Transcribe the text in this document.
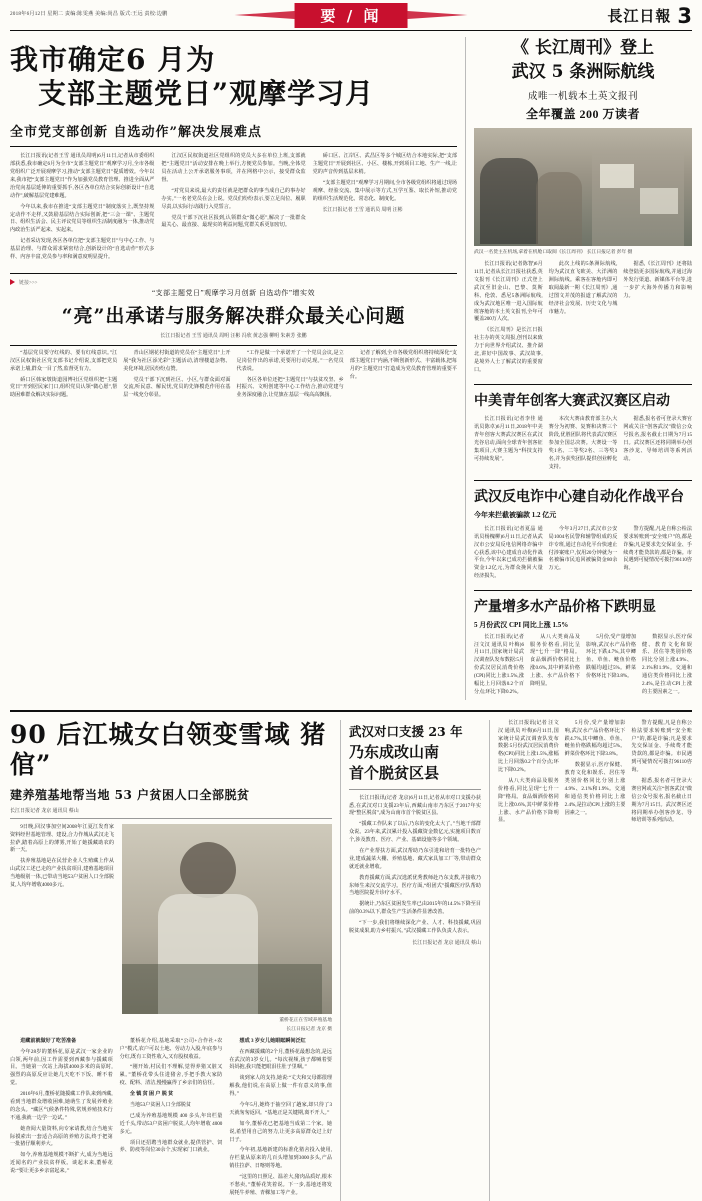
2018年6月12日 星期二 责编:陈雯燕 美编:尚昌 版式:王远 责校:边鹏	要 / 闻	長江日報 3
我市确定6 月为
支部主题党日”观摩学习月
全市党支部创新 自选动作”解决发展难点

长江日报讯(记者王雪 通讯员周明)6月11日,记者从市委组织部获悉,我市确定6月为全市“支部主题党日”观摩学习月,全市各级党组织广泛开展观摩学习,推动“支部主题党日”提质增效。今年以来,我市把“支部主题党日”作为加强党员教育管理、推进全面从严治党向基层延伸的重要抓手,各区各单位结合实际创新设计“自选动作”,破解基层党建难题。

今年以来,我市在推进“支部主题党日”制度落实上,既坚持规定动作不走样,又鼓励基层结合实际创新,把“三会一课”、主题党日、组织生活会、民主评议党员等组织生活制度融为一体,推动党内政治生活严起来、实起来。

记者采访发现,各区各单位把“支部主题党日”与中心工作、与基层治理、与群众需求紧密结合,创新设计的“自选动作”形式多样、内容丰富,党员参与率和满意度明显提升。

江汉区民权街道社区党组织的党员大多在单位上班,支部就把“主题党日”活动安排在晚上举行,方便党员参加。当晚,全体党员在活动上公开承诺服务事项，并在网格中公示，接受群众监督。

“对党员来说,最大的责任就是把群众的事当成自己的事办好办实。”一名老党员在会上说。党员们纷纷表示,要立足岗位、履职尽责,以实际行动践行入党誓言。

党员干部下沉社区报到,认领群众“微心愿”,解决了一批群众最关心、最直接、最现实的利益问题,党群关系更加密切。

硚口区、江岸区、武昌区等多个城区结合本地实际,把“支部主题党日”开展到社区、小区、楼栋,开到项目工地、生产一线,让党的声音传到基层末梢。

“支部主题党日”观摩学习月期间,全市各级党组织将通过现场观摩、经验交流、集中展示等方式,互学互鉴、取长补短,推动党的组织生活规范化、常态化、制度化。

长江日报记者 王雪 通讯员 周明 汪彬

链接>>>
“支部主题党日”观摩学习月创新 自选动作”增实效
“亮”出承诺与服务解决群众最关心问题
长江日报记者 王雪 通讯员 周明 汪彬 冯欣 黄志强 柳明 朱素芳 张鹏

“基层党员要守红线的、要有红线意识。”江汉区民权街社区党支部书记介绍说,支部把党员承诺上墙,群众一目了然,监督更有力。

硚口区韩家墩街道园博社区党组织把“主题党日”开到居民家门口,组织党员认领“微心愿”,帮助困难群众解决实际问题。

青山区钢花村街道的党员在“主题党日”上开展“我为社区添光彩”主题活动,清理楼道杂物、美化环境,居民纷纷点赞。

党员干部下沉到社区、小区,与群众面对面交流,听民意、解民忧,党员的先锋模范作用在基层一线充分彰显。

“工作是做一个承诺开了一个党员会议,是立足岗位作出的承诺,更要用行动兑现。”一名党员代表说。

各区各单位还把“主题党日”与扶贫攻坚、乡村振兴、文明创建等中心工作结合,推动党建与业务深度融合,让党旗在基层一线高高飘扬。

记者了解到,全市各级党组织将持续深化“支部主题党日”内涵,不断创新形式、丰富载体,把每月的“主题党日”打造成为党员教育管理的重要平台。

《 长江周刊》登上
武汉 5 条洲际航线
成唯一机载本土英文报刊
全年覆盖 200 万读者
武汉一名货主在机场,拿着在机舱口取阅《长江周刊》 长江日报记者 彭年 摄

长江日报讯(记者陈智)6月11日,记者从长江日报社获悉,英文报刊《长江周刊》正式登上武汉至旧金山、巴黎、莫斯科、伦敦、悉尼5条洲际航线,成为武汉地区唯一进入国际航班客舱的本土英文报刊,全年可覆盖200万人次。

《长江周刊》是长江日报社主办的英文周报,创刊以来致力于向世界介绍武汉、推介湖北,讲好中国故事、武汉故事,是境外人士了解武汉的重要窗口。

此次上线的5条洲际航线,均为武汉直飞欧美、大洋洲的洲际航线。乘客在客舱内即可取阅最新一期《长江周刊》,通过图文并茂的报道了解武汉的经济社会发展、历史文化与城市魅力。

据悉,《长江周刊》还将陆续登陆更多国际航线,并通过海外发行渠道、新媒体平台等,进一步扩大海外传播力和影响力。

中美青年创客大赛武汉赛区启动

长江日报讯(记者李佳 通讯员陈卓)6月11日,2018年中美青年创客大赛武汉赛区在武汉光谷启动,面向全球青年创客征集项目,大赛主题为“科技支持可持续发展”。

本次大赛由教育部主办,大赛分为初赛、复赛和决赛三个阶段,优胜团队将代表武汉赛区参加全国总决赛。大赛设一等奖1名、二等奖2名、三等奖3名,并为获奖团队提供创业孵化支持。

据悉,报名者可登录大赛官网或关注“创客武汉”微信公众号报名,报名截止日期为7月15日。武汉赛区还将同期举办创客沙龙、导师培训等系列活动。

武汉反电诈中心建自动化作战平台
今年来拦截被骗款 1.2 亿元

长江日报讯(记者夏晶 通讯员杨槐柳)6月11日,记者从武汉市公安局反电信网络诈骗中心获悉,该中心建成自动化作战平台,今年以来已成功拦截被骗资金1.2亿元,为群众挽回大量经济损失。

今年3月27日,武汉市公安局1004名民警和辅警组成的反诈专班,通过自动化平台快速止付涉案账户,仅用20分钟就为一名被骗市民追回被骗资金80余万元。

警方提醒,凡是自称公检法要求转账到“安全账户”的,都是诈骗;凡是要求先交保证金、手续费才能贷款的,都是诈骗。市民遇到可疑情况可拨打96110咨询。

产量增多水产品价格下跌明显
5 月份武汉 CPI 同比上涨 1.5%

长江日报讯(记者 汪文汉 通讯员 叶梅)6月11日,国家统计局武汉调查队发布数据:5月份武汉居民消费价格(CPI)同比上涨1.5%,涨幅比上月回落0.2个百分点;环比下降0.2%。

从八大类商品及服务价格看,同比呈现“七升一降”格局。食品烟酒价格同比上涨0.6%,其中鲜菜价格上涨、水产品价格下降明显。

5月份,受产量增加影响,武汉水产品价格环比下跌4.7%,其中鲫鱼、草鱼、鲢鱼价格跌幅均超过5%。鲜菜价格环比下降3.8%。

数据显示,医疗保健、教育文化和娱乐、居住等类别价格同比分别上涨4.9%、2.1%和1.9%。交通和通信类价格同比上涨2.4%,是拉动CPI上涨的主要因素之一。

90 后江城女白领变雪域 猪倌”
建养殖基地帮当地 53 户贫困人口全部脱贫
长江日报记者 龙京 通讯员 蔡山

9日晚,回汉事加空间2008年江夏江发育家资料经世基地管理、建设,合力作城从武汉走飞拉萨,踏着高原上的薄雾,开始了她援藏助农的新一天。

扶养殖基地是在民营企业人生殖藏上作从山武汉工述已走的产业扶贫项目,建殖基地项目当地级别一体,已带动当地53户贫困人口全部脱贫,人均年增收4000多元。

董桥花正在雪域养殖基地
长江日报记者 龙京 摄

进藏前就做好了吃苦准备

今年28岁的董桥花,原是武汉一家企业的白领,两年前,因工作需要到西藏参与援藏项目。当她第一次站上海拔4000多米的高原时,强烈的高原反应让她几天吃不下饭、睡不着觉。

2016年6月,董桥花随援藏工作队来到西藏,看到当地群众增收困难,她萌生了发展养殖业的念头。“藏区气候条件特殊,常规养殖技术行不通,我就一边学一边试。”

她查阅大量资料,向专家请教,结合当地实际摸索出一套适合高原的养殖方法,终于把第一批猪仔顺利养大。

如今,养殖基地规模不断扩大,成为当地远近闻名的产业扶贫样板。谈起未来,董桥花说:“要让更多乡亲富起来。”

董桥花介绍,基地采取“公司+合作社+农户”模式,农户可以土地、劳动力入股,年底参与分红,既有工资性收入,又有股权收益。

“刚开始,村民们不理解,觉得养猪又脏又累。”董桥花带头住进猪舍,手把手教大家防疫、配料、清洁,慢慢赢得了乡亲们的信任。

全 镇 贫 困 户 脱 贫

当地53户贫困人口全部脱贫

已成为养殖基地规模 400 多头,年出栏量近千头,带动53户贫困户脱贫,人均年增收 4000 多元。

项目还招聘当地群众就业,提供管护、饲养、防疫等岗位30余个,实现家门口就业。

想成 3 岁女儿她眼眶瞬间泛红

在西藏援藏的2个月,董桥花最想念的,是远在武汉的3岁女儿。“每次视频,孩子都喊着要妈妈抱,我只能把眼泪往肚子里咽。”

谈到家人的支持,她说:“丈夫和父母都很理解我,他们说,在高原上做一件有意义的事,值得。”

今年5月,她终于抽空回了趟家,却只待了3天就匆匆返回。“基地正是关键期,离不开人。”

如今,董桥花已把基地当成第二个家。她说,希望用自己的努力,让更多高原群众过上好日子。

今年初,基地新建的标准化猪舍投入使用,存栏量从原来的几百头增加到3000多头,产品销往拉萨、日喀则等地。

“这里的日照足、温差大,猪肉品质好,根本不愁卖。”董桥花笑着说。下一步,基地还将发展牦牛养殖、青稞加工等产业。

武汉对口支援 23 年
乃东成改山南
首个脱贫区县

长江日报讯(记者 龙京)6月11日,记者从市对口支援办获悉,在武汉对口支援23年后,西藏山南市乃东区于2017年实现“整区脱贫”,成为山南市首个脱贫区县。

“援藏工作队来了以后,乃东的变化太大了。”当地干部群众说。23年来,武汉累计投入援藏资金数亿元,实施项目数百个,涉及教育、医疗、产业、基础设施等多个领域。

在产业帮扶方面,武汉帮助乃东引进和培育一批特色产业,建成蔬菜大棚、养殖基地、藏式家具加工厂等,带动群众就近就业增收。

教育援藏方面,武汉选派优秀教师赴乃东支教,并接收乃东师生来汉交流学习。医疗方面,“组团式”援藏医疗队帮助当地医院提升诊疗水平。

据统计,乃东区贫困发生率已由2015年的14.5%下降至目前的0.3%以下,群众生产生活条件显著改善。

“下一步,我们将继续深化产业、人才、科技援藏,巩固脱贫成果,助力乡村振兴。”武汉援藏工作队负责人表示。

长江日报记者 龙京 通讯员 蔡山

长江日报讯(记者 汪文汉 通讯员 叶梅)6月11日,国家统计局武汉调查队发布数据:5月份武汉居民消费价格(CPI)同比上涨1.5%,涨幅比上月回落0.2个百分点;环比下降0.2%。

从八大类商品及服务价格看,同比呈现“七升一降”格局。食品烟酒价格同比上涨0.6%,其中鲜菜价格上涨、水产品价格下降明显。

5月份,受产量增加影响,武汉水产品价格环比下跌4.7%,其中鲫鱼、草鱼、鲢鱼价格跌幅均超过5%。鲜菜价格环比下降3.8%。

数据显示,医疗保健、教育文化和娱乐、居住等类别价格同比分别上涨4.9%、2.1%和1.9%。交通和通信类价格同比上涨2.4%,是拉动CPI上涨的主要因素之一。

警方提醒,凡是自称公检法要求转账到“安全账户”的,都是诈骗;凡是要求先交保证金、手续费才能贷款的,都是诈骗。市民遇到可疑情况可拨打96110咨询。

据悉,报名者可登录大赛官网或关注“创客武汉”微信公众号报名,报名截止日期为7月15日。武汉赛区还将同期举办创客沙龙、导师培训等系列活动。
